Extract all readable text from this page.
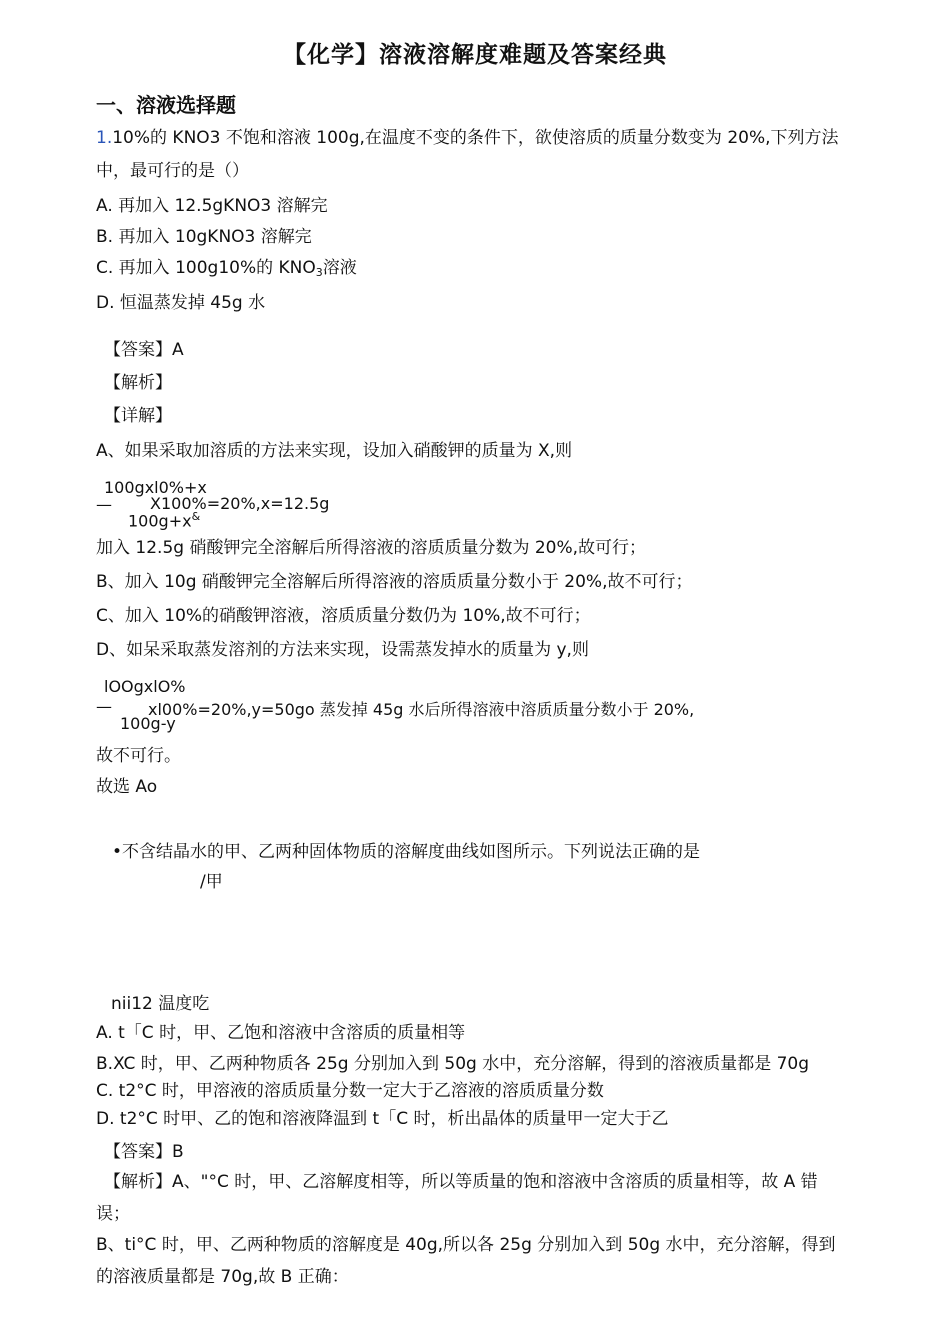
【化学】溶液溶解度难题及答案经典
一、溶液选择题
1.10%的 KNO3 不饱和溶液 100g,在温度不变的条件下，欲使溶质的质量分数变为 20%,下列方法
中，最可行的是（）
A. 再加入 12.5gKNO3 溶解完
B. 再加入 10gKNO3 溶解完
C. 再加入 100g10%的 $KNO_3$溶液
D. 恒温蒸发掉 45g 水
【答案】A
【解析】
【详解】
A、如果采取加溶质的方法来实现，设加入硝酸钾的质量为 X,则
100gxl0%+x
— X100%=20%,x=12.5g
100g+x&
加入 12.5g 硝酸钾完全溶解后所得溶液的溶质质量分数为 20%,故可行；
B、加入 10g 硝酸钾完全溶解后所得溶液的溶质质量分数小于 20%,故不可行；
C、加入 10%的硝酸钾溶液，溶质质量分数仍为 10%,故不可行；
D、如呆采取蒸发溶剂的方法来实现，设需蒸发掉水的质量为 y,则
lOOgxlO%
— xl00%=20%,y=50go 蒸发掉 45g 水后所得溶液中溶质质量分数小于 20%,
100g-y
故不可行。
故选 Ao
•不含结晶水的甲、乙两种固体物质的溶解度曲线如图所示。下列说法正确的是
/甲
nii12 温度吃
A. t「C 时，甲、乙饱和溶液中含溶质的质量相等
B.XC 时，甲、乙两种物质各 25g 分别加入到 50g 水中，充分溶解，得到的溶液质量都是 70g
C. t2°C 时，甲溶液的溶质质量分数一定大于乙溶液的溶质质量分数
D. t2°C 时甲、乙的饱和溶液降温到 t「C 时，析出晶体的质量甲一定大于乙
【答案】B
【解析】A、"°C 时，甲、乙溶解度相等，所以等质量的饱和溶液中含溶质的质量相等，故 A 错
误；
B、ti°C 时，甲、乙两种物质的溶解度是 40g,所以各 25g 分别加入到 50g 水中，充分溶解，得到
的溶液质量都是 70g,故 B 正确：
